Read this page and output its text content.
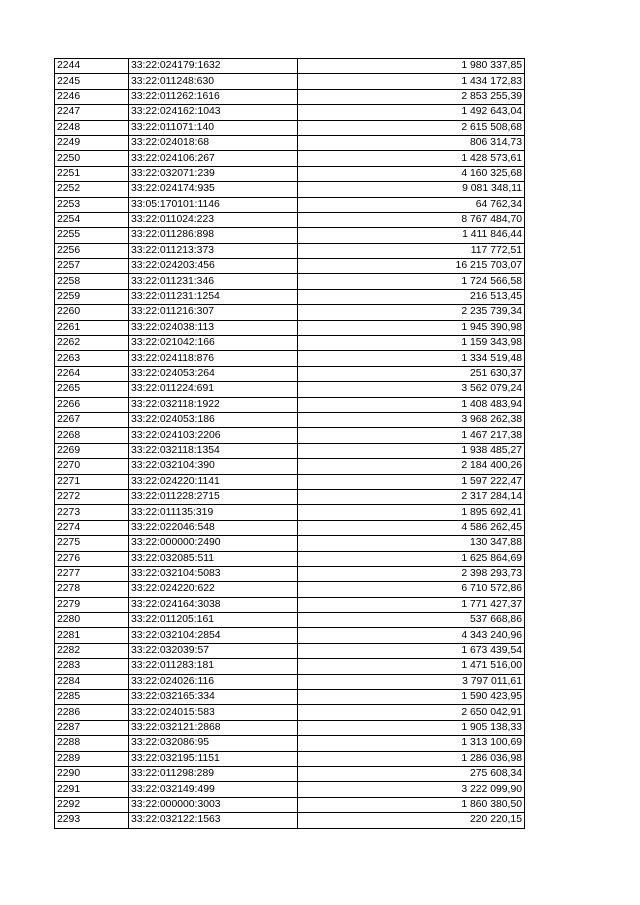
2244	33:22:024179:1632	1 980 337,85
2245	33:22:011248:630	1 434 172,83
2246	33:22:011262:1616	2 853 255,39
2247	33:22:024162:1043	1 492 643,04
2248	33:22:011071:140	2 615 508,68
2249	33:22:024018:68	806 314,73
2250	33:22:024106:267	1 428 573,61
2251	33:22:032071:239	4 160 325,68
2252	33:22:024174:935	9 081 348,11
2253	33:05:170101:1146	64 762,34
2254	33:22:011024:223	8 767 484,70
2255	33:22:011286:898	1 411 846,44
2256	33:22:011213:373	117 772,51
2257	33:22:024203:456	16 215 703,07
2258	33:22:011231:346	1 724 566,58
2259	33:22:011231:1254	216 513,45
2260	33:22:011216:307	2 235 739,34
2261	33:22:024038:113	1 945 390,98
2262	33:22:021042:166	1 159 343,98
2263	33:22:024118:876	1 334 519,48
2264	33:22:024053:264	251 630,37
2265	33:22:011224:691	3 562 079,24
2266	33:22:032118:1922	1 408 483,94
2267	33:22:024053:186	3 968 262,38
2268	33:22:024103:2206	1 467 217,38
2269	33:22:032118:1354	1 938 485,27
2270	33:22:032104:390	2 184 400,26
2271	33:22:024220:1141	1 597 222,47
2272	33:22:011228:2715	2 317 284,14
2273	33:22:011135:319	1 895 692,41
2274	33:22:022046:548	4 586 262,45
2275	33:22:000000:2490	130 347,88
2276	33:22:032085:511	1 625 864,69
2277	33:22:032104:5083	2 398 293,73
2278	33:22:024220:622	6 710 572,86
2279	33:22:024164:3038	1 771 427,37
2280	33:22:011205:161	537 668,86
2281	33:22:032104:2854	4 343 240,96
2282	33:22:032039:57	1 673 439,54
2283	33:22:011283:181	1 471 516,00
2284	33:22:024026:116	3 797 011,61
2285	33:22:032165:334	1 590 423,95
2286	33:22:024015:583	2 650 042,91
2287	33:22:032121:2868	1 905 138,33
2288	33:22:032086:95	1 313 100,69
2289	33:22:032195:1151	1 286 036,98
2290	33:22:011298:289	275 608,34
2291	33:22:032149:499	3 222 099,90
2292	33:22:000000:3003	1 860 380,50
2293	33:22:032122:1563	220 220,15
